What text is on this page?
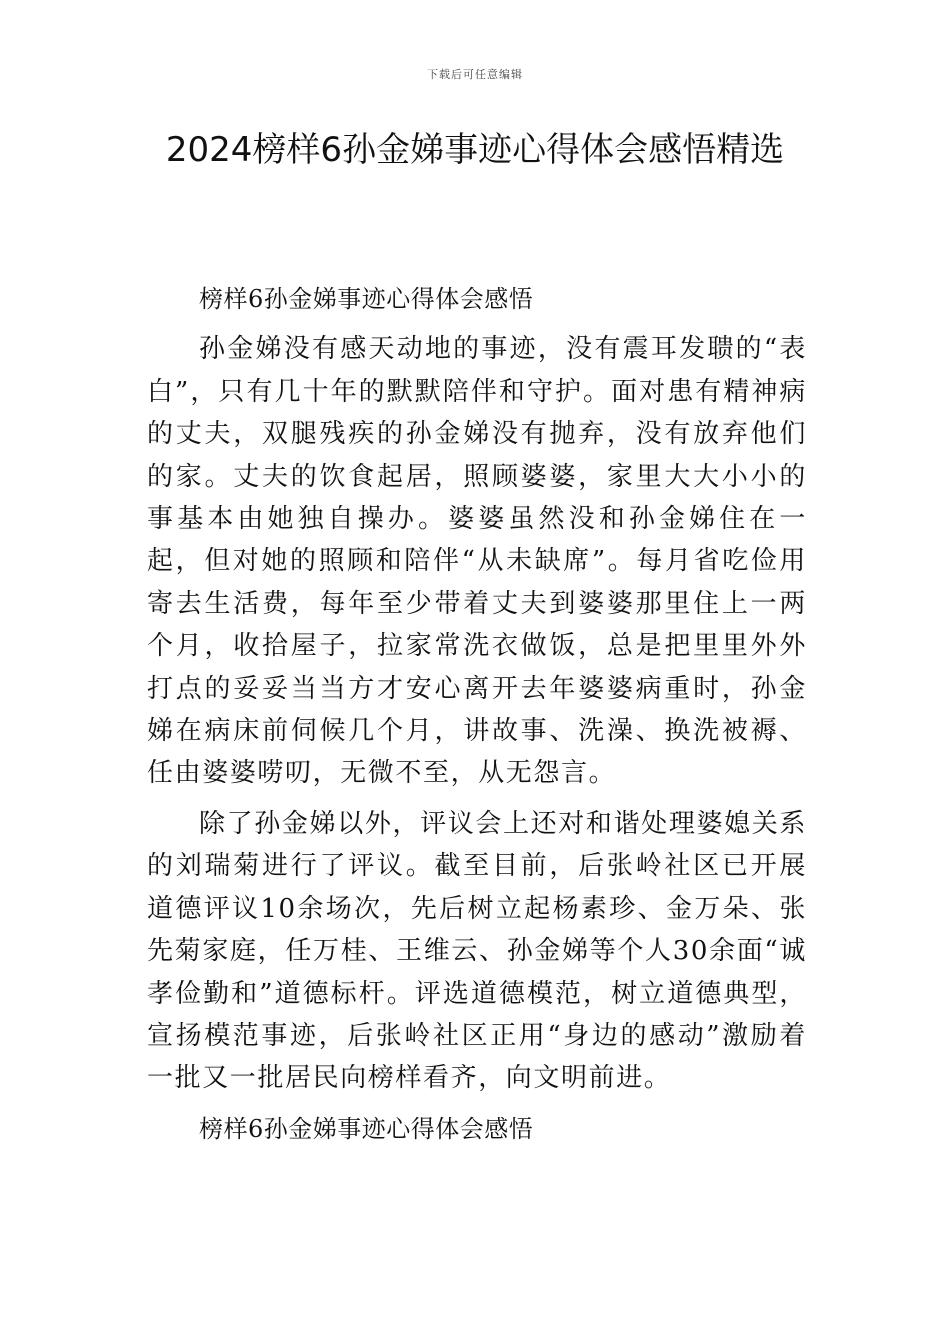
下载后可任意编辑
2024榜样6孙金娣事迹心得体会感悟精选

榜样6孙金娣事迹心得体会感悟

孙金娣没有感天动地的事迹，没有震耳发聩的“表白”，只有几十年的默默陪伴和守护。面对患有精神病的丈夫，双腿残疾的孙金娣没有抛弃，没有放弃他们的家。丈夫的饮食起居，照顾婆婆，家里大大小小的事基本由她独自操办。婆婆虽然没和孙金娣住在一起，但对她的照顾和陪伴“从未缺席”。每月省吃俭用寄去生活费，每年至少带着丈夫到婆婆那里住上一两个月，收拾屋子，拉家常洗衣做饭，总是把里里外外打点的妥妥当当方才安心离开去年婆婆病重时，孙金娣在病床前伺候几个月，讲故事、洗澡、换洗被褥、任由婆婆唠叨，无微不至，从无怨言。

除了孙金娣以外，评议会上还对和谐处理婆媳关系的刘瑞菊进行了评议。截至目前，后张岭社区已开展道德评议10余场次，先后树立起杨素珍、金万朵、张先菊家庭，任万桂、王维云、孙金娣等个人30余面“诚孝俭勤和”道德标杆。评选道德模范，树立道德典型，宣扬模范事迹，后张岭社区正用“身边的感动”激励着一批又一批居民向榜样看齐，向文明前进。

榜样6孙金娣事迹心得体会感悟
